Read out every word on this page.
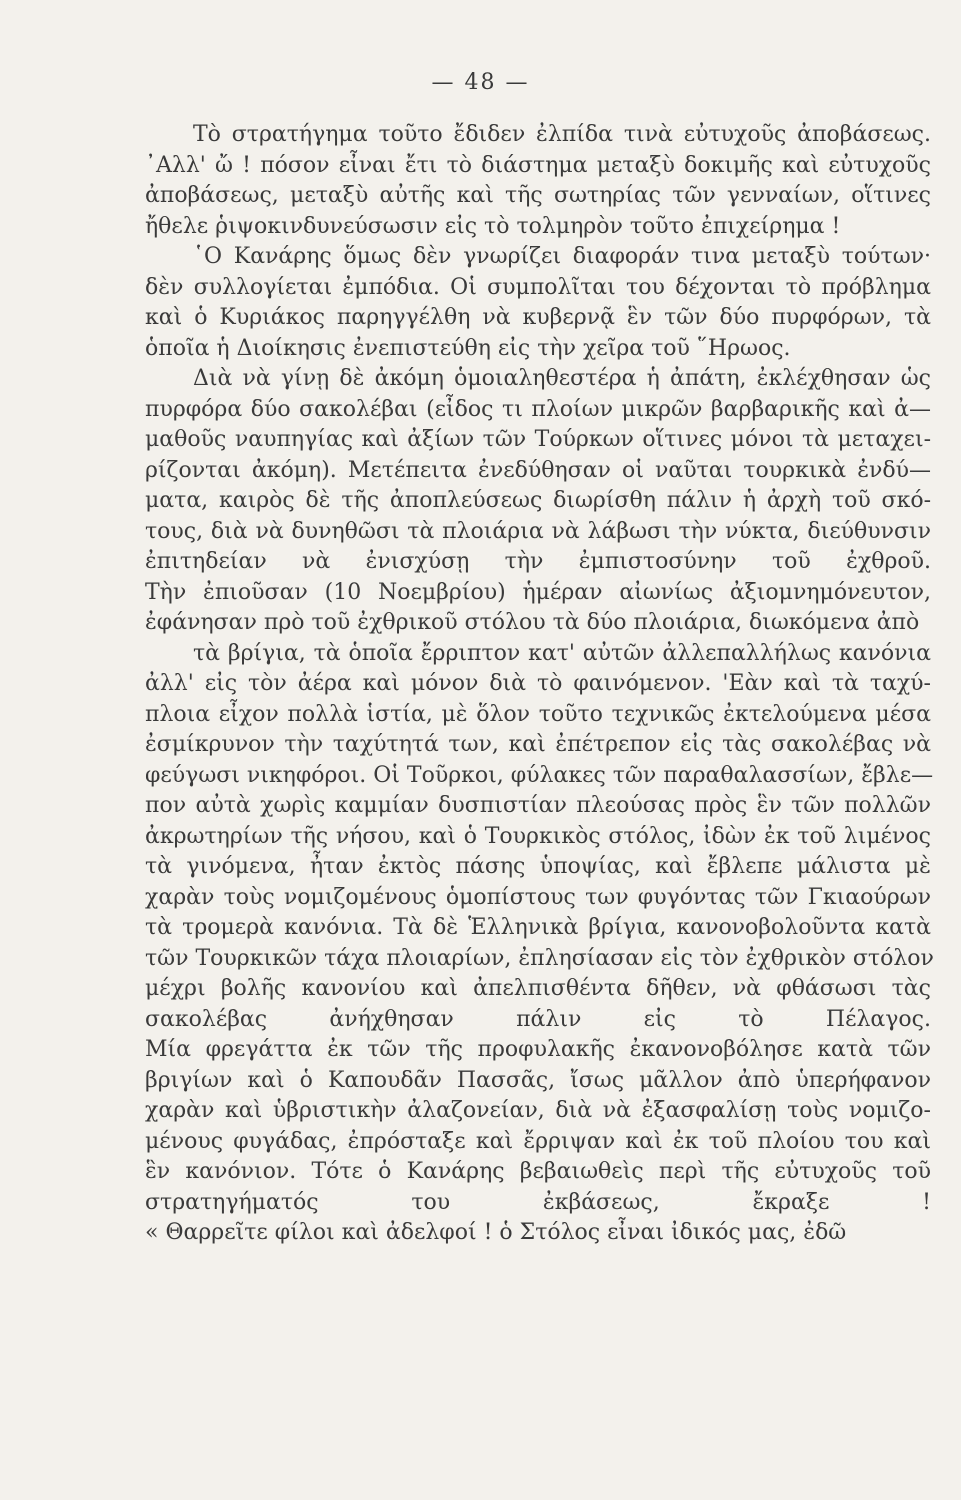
— 48 —
Τὸ στρατήγημα τοῦτο ἔδιδεν ἐλπίδα τινὰ εὐτυχοῦς ἀποβάσεως.
᾿Αλλ' ὤ ! πόσον εἶναι ἔτι τὸ διάστημα μεταξὺ δοκιμῆς καὶ εὐτυχοῦς
ἀποβάσεως, μεταξὺ αὐτῆς καὶ τῆς σωτηρίας τῶν γενναίων, οἵτινες
ἤθελε ῥιψοκινδυνεύσωσιν εἰς τὸ τολμηρὸν τοῦτο ἐπιχείρημα !
῾Ο Κανάρης ὅμως δὲν γνωρίζει διαφοράν τινα μεταξὺ τούτων·
δὲν συλλογίεται ἐμπόδια. Οἱ συμπολῖται του δέχονται τὸ πρόβλημα
καὶ ὁ Κυριάκος παρηγγέλθη νὰ κυβερνᾷ ἓν τῶν δύο πυρφόρων, τὰ
ὁποῖα ἡ Διοίκησις ἐνεπιστεύθη εἰς τὴν χεῖρα τοῦ ῞Ηρωος.
Διὰ νὰ γίνῃ δὲ ἀκόμη ὁμοιαληθεστέρα ἡ ἀπάτη, ἐκλέχθησαν ὡς
πυρφόρα δύο σακολέβαι (εἶδος τι πλοίων μικρῶν βαρβαρικῆς καὶ ἀ—
μαθοῦς ναυπηγίας καὶ ἀξίων τῶν Τούρκων οἵτινες μόνοι τὰ μεταχει-
ρίζονται ἀκόμη). Μετέπειτα ἐνεδύθησαν οἱ ναῦται τουρκικὰ ἐνδύ—
ματα, καιρὸς δὲ τῆς ἀποπλεύσεως διωρίσθη πάλιν ἡ ἀρχὴ τοῦ σκό-
τους, διὰ νὰ δυνηθῶσι τὰ πλοιάρια νὰ λάβωσι τὴν νύκτα, διεύθυνσιν
ἐπιτηδείαν νὰ ἐνισχύσῃ τὴν ἐμπιστοσύνην τοῦ ἐχθροῦ.
Τὴν ἐπιοῦσαν (10 Νοεμβρίου) ἡμέραν αἰωνίως ἀξιομνημόνευτον,
ἐφάνησαν πρὸ τοῦ ἐχθρικοῦ στόλου τὰ δύο πλοιάρια, διωκόμενα ἀπὸ
τὰ βρίγια, τὰ ὁποῖα ἔρριπτον κατ' αὐτῶν ἀλλεπαλλήλως κανόνια
ἀλλ' εἰς τὸν ἀέρα καὶ μόνον διὰ τὸ φαινόμενον. 'Εὰν καὶ τὰ ταχύ-
πλοια εἶχον πολλὰ ἱστία, μὲ ὅλον τοῦτο τεχνικῶς ἐκτελούμενα μέσα
ἐσμίκρυνον τὴν ταχύτητά των, καὶ ἐπέτρεπον εἰς τὰς σακολέβας νὰ
φεύγωσι νικηφόροι. Οἱ Τοῦρκοι, φύλακες τῶν παραθαλασσίων, ἔβλε—
πον αὐτὰ χωρὶς καμμίαν δυσπιστίαν πλεούσας πρὸς ἓν τῶν πολλῶν
ἀκρωτηρίων τῆς νήσου, καὶ ὁ Τουρκικὸς στόλος, ἰδὼν ἐκ τοῦ λιμένος
τὰ γινόμενα, ἦταν ἐκτὸς πάσης ὑποψίας, καὶ ἔβλεπε μάλιστα μὲ
χαρὰν τοὺς νομιζομένους ὁμοπίστους των φυγόντας τῶν Γκιαούρων
τὰ τρομερὰ κανόνια. Τὰ δὲ Ἑλληνικὰ βρίγια, κανονοβολοῦντα κατὰ
τῶν Τουρκικῶν τάχα πλοιαρίων, ἐπλησίασαν εἰς τὸν ἐχθρικὸν στόλον
μέχρι βολῆς κανονίου καὶ ἀπελπισθέντα δῆθεν, νὰ φθάσωσι τὰς
σακολέβας ἀνήχθησαν πάλιν εἰς τὸ Πέλαγος.
Μία φρεγάττα ἐκ τῶν τῆς προφυλακῆς ἐκανονοβόλησε κατὰ τῶν
βριγίων καὶ ὁ Καπουδᾶν Πασσᾶς, ἴσως μᾶλλον ἀπὸ ὑπερήφανον
χαρὰν καὶ ὑβριστικὴν ἀλαζονείαν, διὰ νὰ ἐξασφαλίσῃ τοὺς νομιζο-
μένους φυγάδας, ἐπρόσταξε καὶ ἔρριψαν καὶ ἐκ τοῦ πλοίου του καὶ
ἓν κανόνιον. Τότε ὁ Κανάρης βεβαιωθεὶς περὶ τῆς εὐτυχοῦς τοῦ
στρατηγήματός του ἐκβάσεως, ἔκραξε !
« Θαρρεῖτε φίλοι καὶ ἀδελφοί ! ὁ Στόλος εἶναι ἰδικός μας, ἐδῶ
